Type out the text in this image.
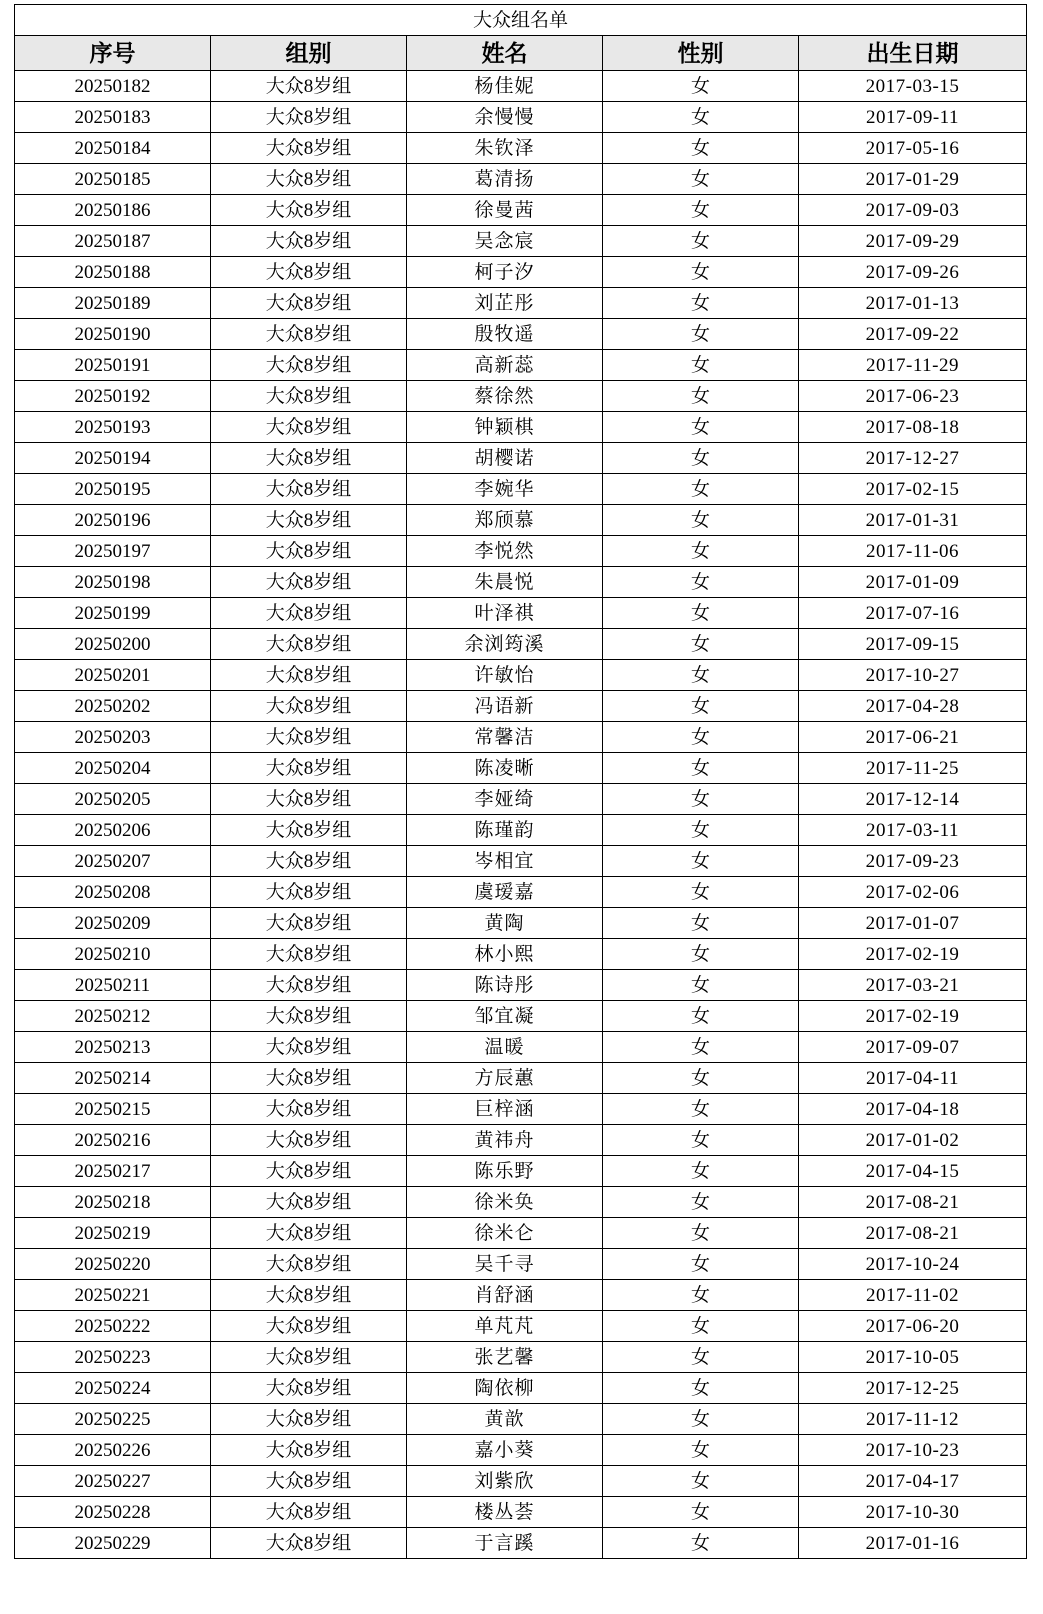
大众组名单				
序号	组别	姓名	性别	出生日期
20250182	大众8岁组	杨佳妮	女	2017-03-15
20250183	大众8岁组	余慢慢	女	2017-09-11
20250184	大众8岁组	朱钦泽	女	2017-05-16
20250185	大众8岁组	葛清扬	女	2017-01-29
20250186	大众8岁组	徐曼茜	女	2017-09-03
20250187	大众8岁组	吴念宸	女	2017-09-29
20250188	大众8岁组	柯子汐	女	2017-09-26
20250189	大众8岁组	刘芷彤	女	2017-01-13
20250190	大众8岁组	殷牧遥	女	2017-09-22
20250191	大众8岁组	高新蕊	女	2017-11-29
20250192	大众8岁组	蔡徐然	女	2017-06-23
20250193	大众8岁组	钟颖棋	女	2017-08-18
20250194	大众8岁组	胡樱诺	女	2017-12-27
20250195	大众8岁组	李婉华	女	2017-02-15
20250196	大众8岁组	郑颀慕	女	2017-01-31
20250197	大众8岁组	李悦然	女	2017-11-06
20250198	大众8岁组	朱晨悦	女	2017-01-09
20250199	大众8岁组	叶泽祺	女	2017-07-16
20250200	大众8岁组	余浏筠溪	女	2017-09-15
20250201	大众8岁组	许敏怡	女	2017-10-27
20250202	大众8岁组	冯语新	女	2017-04-28
20250203	大众8岁组	常馨洁	女	2017-06-21
20250204	大众8岁组	陈凌晰	女	2017-11-25
20250205	大众8岁组	李娅绮	女	2017-12-14
20250206	大众8岁组	陈瑾韵	女	2017-03-11
20250207	大众8岁组	岑相宜	女	2017-09-23
20250208	大众8岁组	虞瑷嘉	女	2017-02-06
20250209	大众8岁组	黄陶	女	2017-01-07
20250210	大众8岁组	林小熙	女	2017-02-19
20250211	大众8岁组	陈诗彤	女	2017-03-21
20250212	大众8岁组	邹宜凝	女	2017-02-19
20250213	大众8岁组	温暖	女	2017-09-07
20250214	大众8岁组	方辰蕙	女	2017-04-11
20250215	大众8岁组	巨梓涵	女	2017-04-18
20250216	大众8岁组	黄祎舟	女	2017-01-02
20250217	大众8岁组	陈乐野	女	2017-04-15
20250218	大众8岁组	徐米奂	女	2017-08-21
20250219	大众8岁组	徐米仑	女	2017-08-21
20250220	大众8岁组	吴千寻	女	2017-10-24
20250221	大众8岁组	肖舒涵	女	2017-11-02
20250222	大众8岁组	单芃芃	女	2017-06-20
20250223	大众8岁组	张艺馨	女	2017-10-05
20250224	大众8岁组	陶依柳	女	2017-12-25
20250225	大众8岁组	黄歆	女	2017-11-12
20250226	大众8岁组	嘉小葵	女	2017-10-23
20250227	大众8岁组	刘紫欣	女	2017-04-17
20250228	大众8岁组	楼丛荟	女	2017-10-30
20250229	大众8岁组	于言蹊	女	2017-01-16
